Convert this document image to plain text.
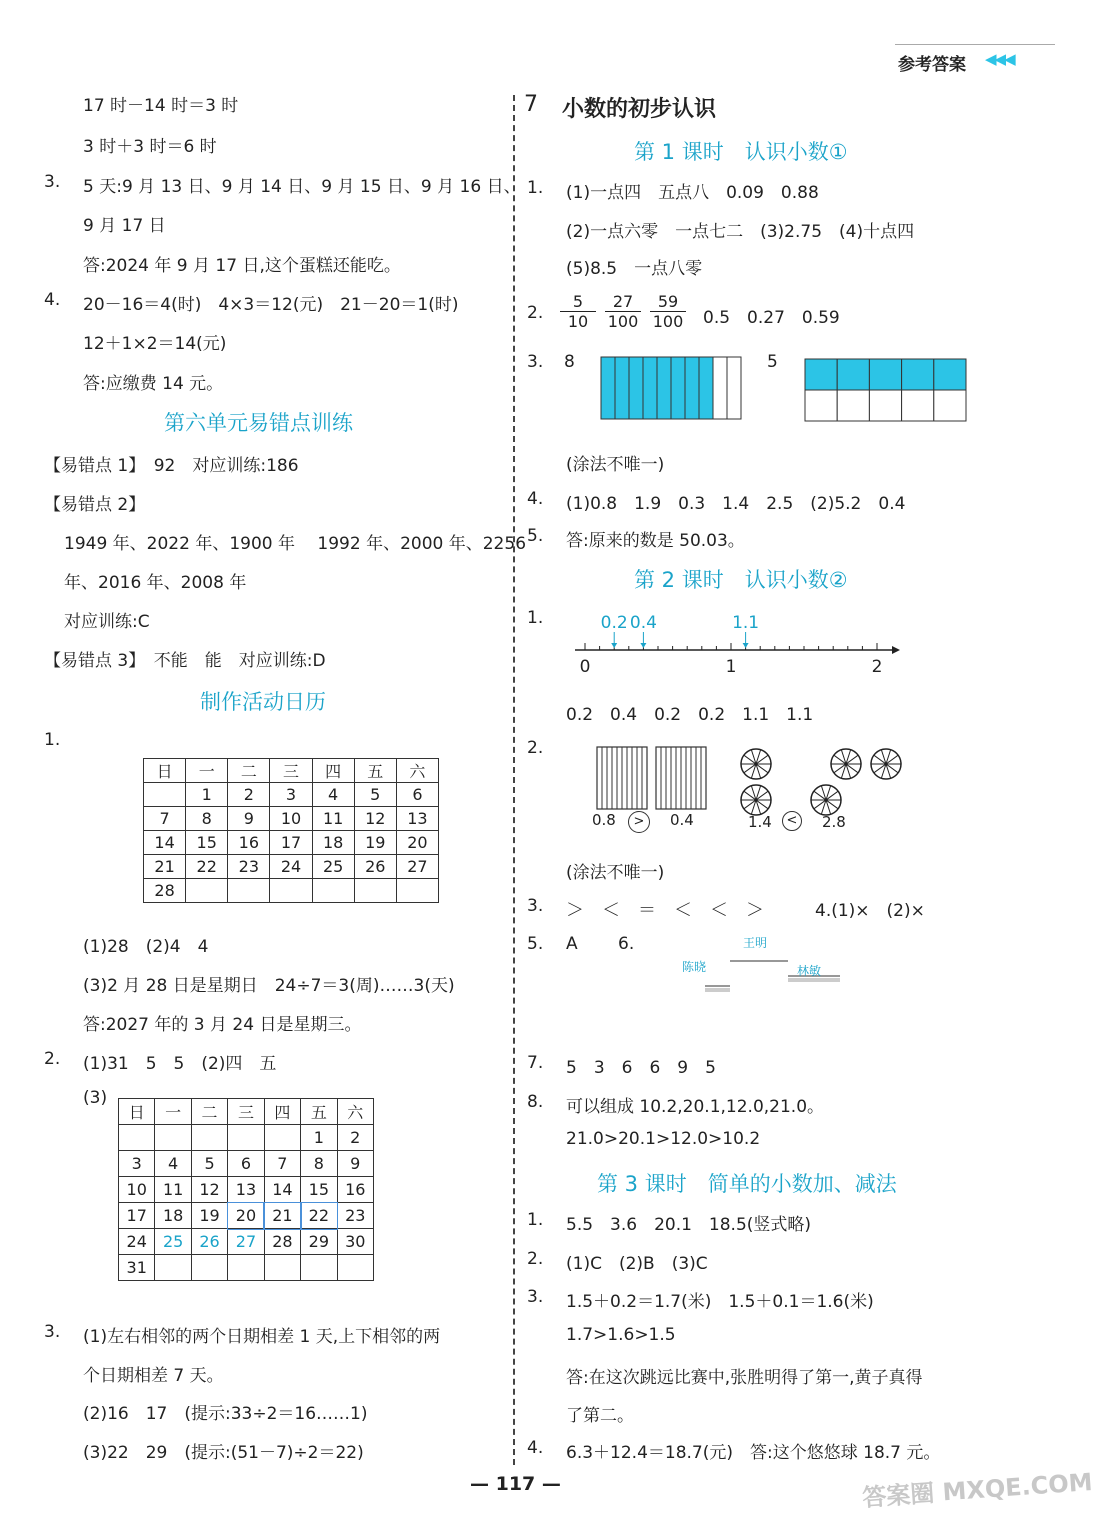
参考答案 ◀◀◀
17 时－14 时＝3 时
3 时＋3 时＝6 时
3. 5 天:9 月 13 日、9 月 14 日、9 月 15 日、9 月 16 日、
9 月 17 日
答:2024 年 9 月 17 日,这个蛋糕还能吃。
4. 20－16＝4(时)　4×3＝12(元)　21－20＝1(时)
12＋1×2＝14(元)
答:应缴费 14 元。
第六单元易错点训练
【易错点 1】　92　对应训练:186
【易错点 2】
1949 年、2022 年、1900 年　 1992 年、2000 年、2256
年、2016 年、2008 年
对应训练:C
【易错点 3】　不能　能　对应训练:D
制作活动日历
1.
日	一	二	三	四	五	六
	1	2	3	4	5	6
7	8	9	10	11	12	13
14	15	16	17	18	19	20
21	22	23	24	25	26	27
28						
(1)28　(2)4　4
(3)2 月 28 日是星期日　24÷7＝3(周)……3(天)
答:2027 年的 3 月 24 日是星期三。
2. (1)31　5　5　(2)四　五
(3)
日	一	二	三	四	五	六
					1	2
3	4	5	6	7	8	9
10	11	12	13	14	15	16
17	18	19	20	21	22	23
24	25	26	27	28	29	30
31						
3. (1)左右相邻的两个日期相差 1 天,上下相邻的两
个日期相差 7 天。
(2)16　17　(提示:33÷2＝16……1)
(3)22　29　(提示:(51－7)÷2＝22)
7 小数的初步认识
第 1 课时　认识小数①
1. (1)一点四　五点八　0.09　0.88
(2)一点六零　一点七二　(3)2.75　(4)十点四
(5)8.5　一点八零
2. $\frac{5}{10} \frac{27}{100} \frac{59}{100} 0.5$　0.27　0.59
3. 8	5
(涂法不唯一)
4. (1)0.8　1.9　0.3　1.4　2.5　(2)5.2　0.4
5. 答:原来的数是 50.03。
第 2 课时　认识小数②
1.
0	1	2
0.2 0.4	1.1
0.2　0.4　0.2　0.2　1.1　1.1
2.
0.8	>	0.4	1.4	<	2.8
(涂法不唯一)
3. ＞　＜　＝　＜　＜　＞	4.(1)×　(2)×
5. A 6.	王明
陈晓	林敏
7. 5　3　6　6　9　5
8. 可以组成 10.2,20.1,12.0,21.0。
21.0>20.1>12.0>10.2
第 3 课时　简单的小数加、减法
1. 5.5　3.6　20.1　18.5(竖式略)
2. (1)C　(2)B　(3)C
3. 1.5＋0.2＝1.7(米)　1.5＋0.1＝1.6(米)
1.7>1.6>1.5
答:在这次跳远比赛中,张胜明得了第一,黄子真得
了第二。
4. 6.3＋12.4＝18.7(元)　答:这个悠悠球 18.7 元。
— 117 —	答案圈 MXQE.COM
